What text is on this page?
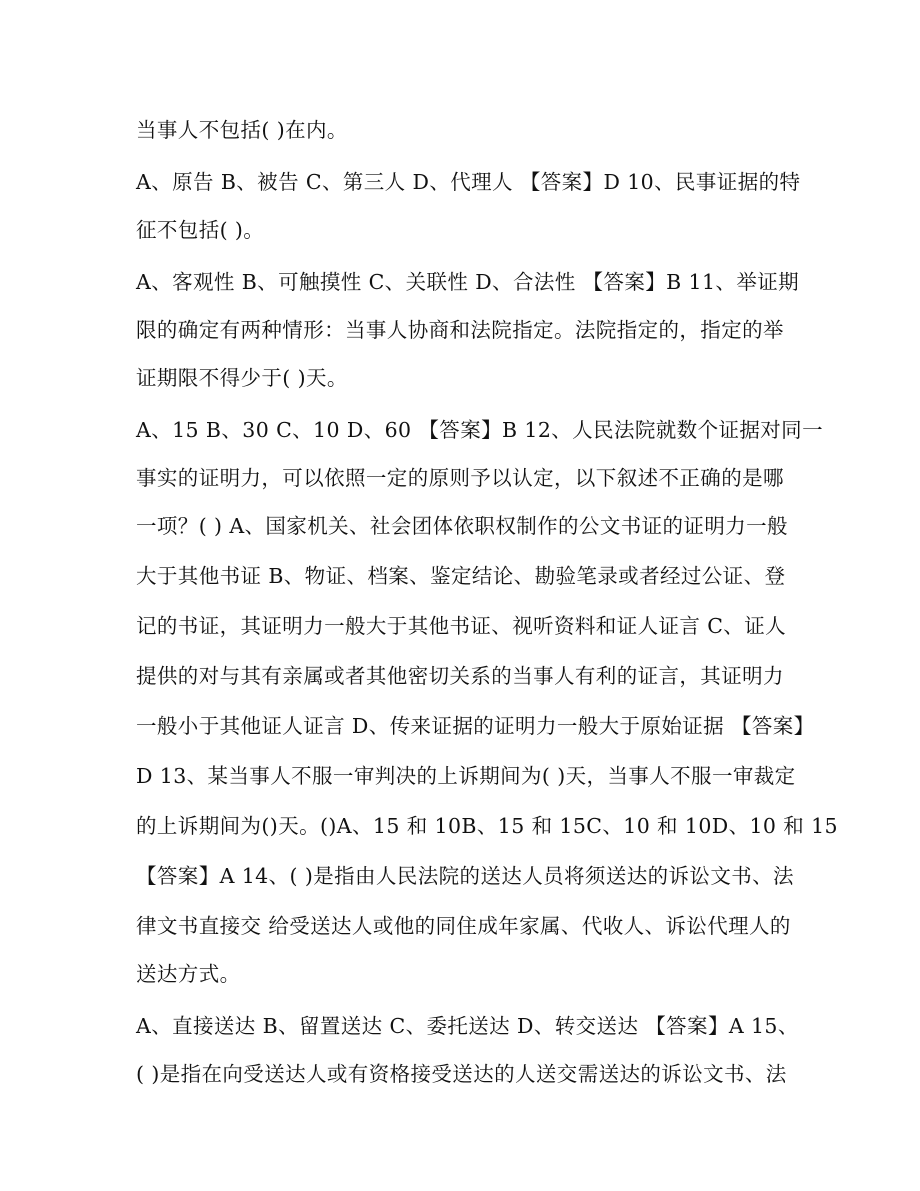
当事人不包括( )在内。
A、原告 B、被告 C、第三人 D、代理人 【答案】D 10、民事证据的特
征不包括( )。
A、客观性 B、可触摸性 C、关联性 D、合法性 【答案】B 11、举证期
限的确定有两种情形：当事人协商和法院指定。法院指定的，指定的举
证期限不得少于( )天。
A、15 B、30 C、10 D、60 【答案】B 12、人民法院就数个证据对同一
事实的证明力，可以依照一定的原则予以认定，以下叙述不正确的是哪
一项？( ) A、国家机关、社会团体依职权制作的公文书证的证明力一般
大于其他书证 B、物证、档案、鉴定结论、勘验笔录或者经过公证、登
记的书证，其证明力一般大于其他书证、视听资料和证人证言 C、证人
提供的对与其有亲属或者其他密切关系的当事人有利的证言，其证明力
一般小于其他证人证言 D、传来证据的证明力一般大于原始证据 【答案】
D 13、某当事人不服一审判决的上诉期间为( )天，当事人不服一审裁定
的上诉期间为()天。()A、15 和 10B、15 和 15C、10 和 10D、10 和 15
【答案】A 14、( )是指由人民法院的送达人员将须送达的诉讼文书、法
律文书直接交 给受送达人或他的同住成年家属、代收人、诉讼代理人的
送达方式。
A、直接送达 B、留置送达 C、委托送达 D、转交送达 【答案】A 15、
( )是指在向受送达人或有资格接受送达的人送交需送达的诉讼文书、法
